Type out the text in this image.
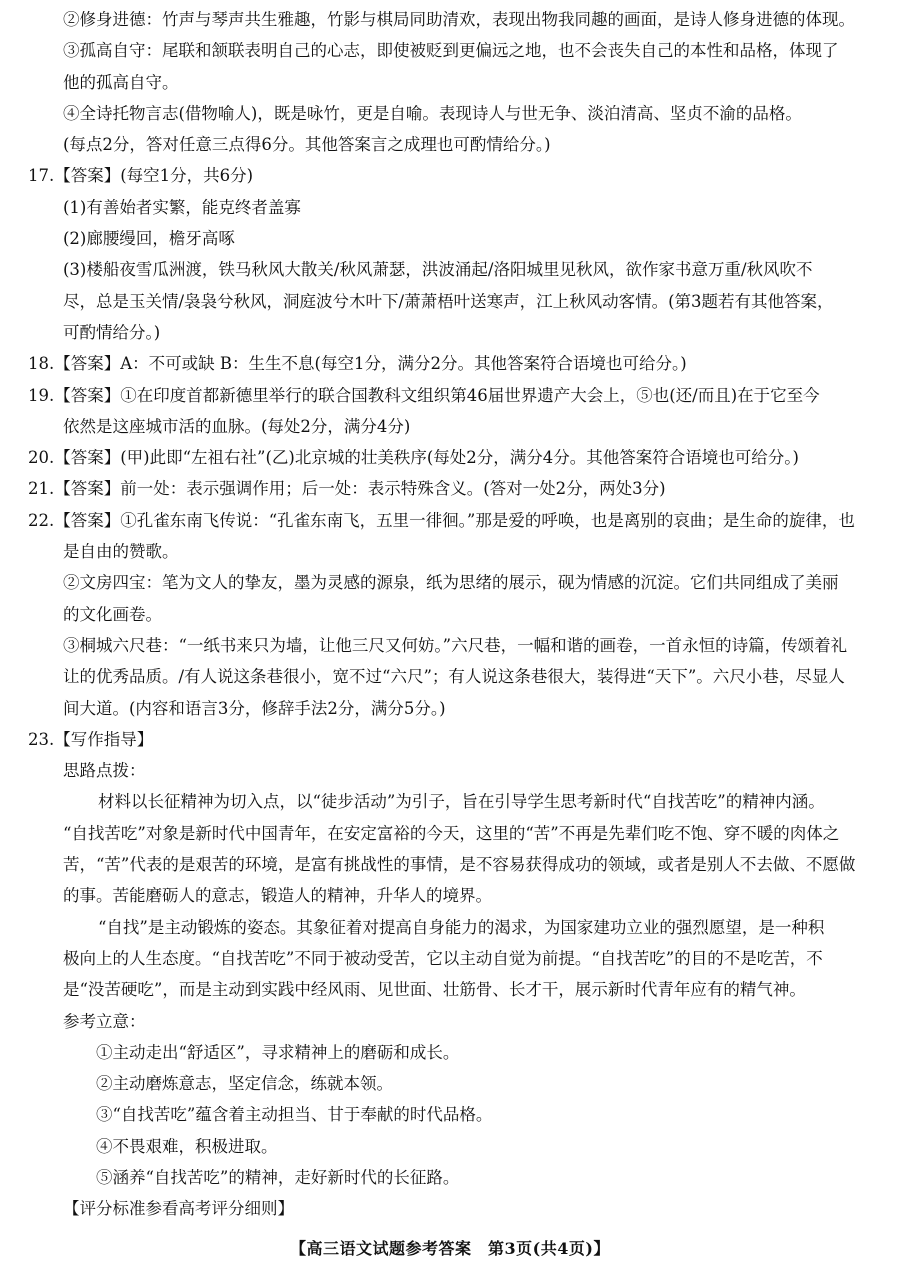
②修身进德：竹声与琴声共生雅趣，竹影与棋局同助清欢，表现出物我同趣的画面，是诗人修身进德的体现。
③孤高自守：尾联和颔联表明自己的心志，即使被贬到更偏远之地，也不会丧失自己的本性和品格，体现了
他的孤高自守。
④全诗托物言志(借物喻人)，既是咏竹，更是自喻。表现诗人与世无争、淡泊清高、坚贞不渝的品格。
(每点2分，答对任意三点得6分。其他答案言之成理也可酌情给分。)
17.【答案】(每空1分，共6分)
(1)有善始者实繁，能克终者盖寡
(2)廊腰缦回，檐牙高啄
(3)楼船夜雪瓜洲渡，铁马秋风大散关/秋风萧瑟，洪波涌起/洛阳城里见秋风，欲作家书意万重/秋风吹不
尽，总是玉关情/袅袅兮秋风，洞庭波兮木叶下/萧萧梧叶送寒声，江上秋风动客情。(第3题若有其他答案，
可酌情给分。)
18.【答案】A：不可或缺 B：生生不息(每空1分，满分2分。其他答案符合语境也可给分。)
19.【答案】①在印度首都新德里举行的联合国教科文组织第46届世界遗产大会上，⑤也(还/而且)在于它至今
依然是这座城市活的血脉。(每处2分，满分4分)
20.【答案】(甲)此即“左祖右社”(乙)北京城的壮美秩序(每处2分，满分4分。其他答案符合语境也可给分。)
21.【答案】前一处：表示强调作用；后一处：表示特殊含义。(答对一处2分，两处3分)
22.【答案】①孔雀东南飞传说：“孔雀东南飞，五里一徘徊。”那是爱的呼唤，也是离别的哀曲；是生命的旋律，也
是自由的赞歌。
②文房四宝：笔为文人的挚友，墨为灵感的源泉，纸为思绪的展示，砚为情感的沉淀。它们共同组成了美丽
的文化画卷。
③桐城六尺巷：“一纸书来只为墙，让他三尺又何妨。”六尺巷，一幅和谐的画卷，一首永恒的诗篇，传颂着礼
让的优秀品质。/有人说这条巷很小，宽不过“六尺”；有人说这条巷很大，装得进“天下”。六尺小巷，尽显人
间大道。(内容和语言3分，修辞手法2分，满分5分。)
23.【写作指导】
思路点拨：
材料以长征精神为切入点，以“徒步活动”为引子，旨在引导学生思考新时代“自找苦吃”的精神内涵。
“自找苦吃”对象是新时代中国青年，在安定富裕的今天，这里的“苦”不再是先辈们吃不饱、穿不暖的肉体之
苦，“苦”代表的是艰苦的环境，是富有挑战性的事情，是不容易获得成功的领域，或者是别人不去做、不愿做
的事。苦能磨砺人的意志，锻造人的精神，升华人的境界。
“自找”是主动锻炼的姿态。其象征着对提高自身能力的渴求，为国家建功立业的强烈愿望，是一种积
极向上的人生态度。“自找苦吃”不同于被动受苦，它以主动自觉为前提。“自找苦吃”的目的不是吃苦，不
是“没苦硬吃”，而是主动到实践中经风雨、见世面、壮筋骨、长才干，展示新时代青年应有的精气神。
参考立意：
①主动走出“舒适区”，寻求精神上的磨砺和成长。
②主动磨炼意志，坚定信念，练就本领。
③“自找苦吃”蕴含着主动担当、甘于奉献的时代品格。
④不畏艰难，积极进取。
⑤涵养“自找苦吃”的精神，走好新时代的长征路。
【评分标准参看高考评分细则】
【高三语文试题参考答案　第3页(共4页)】
